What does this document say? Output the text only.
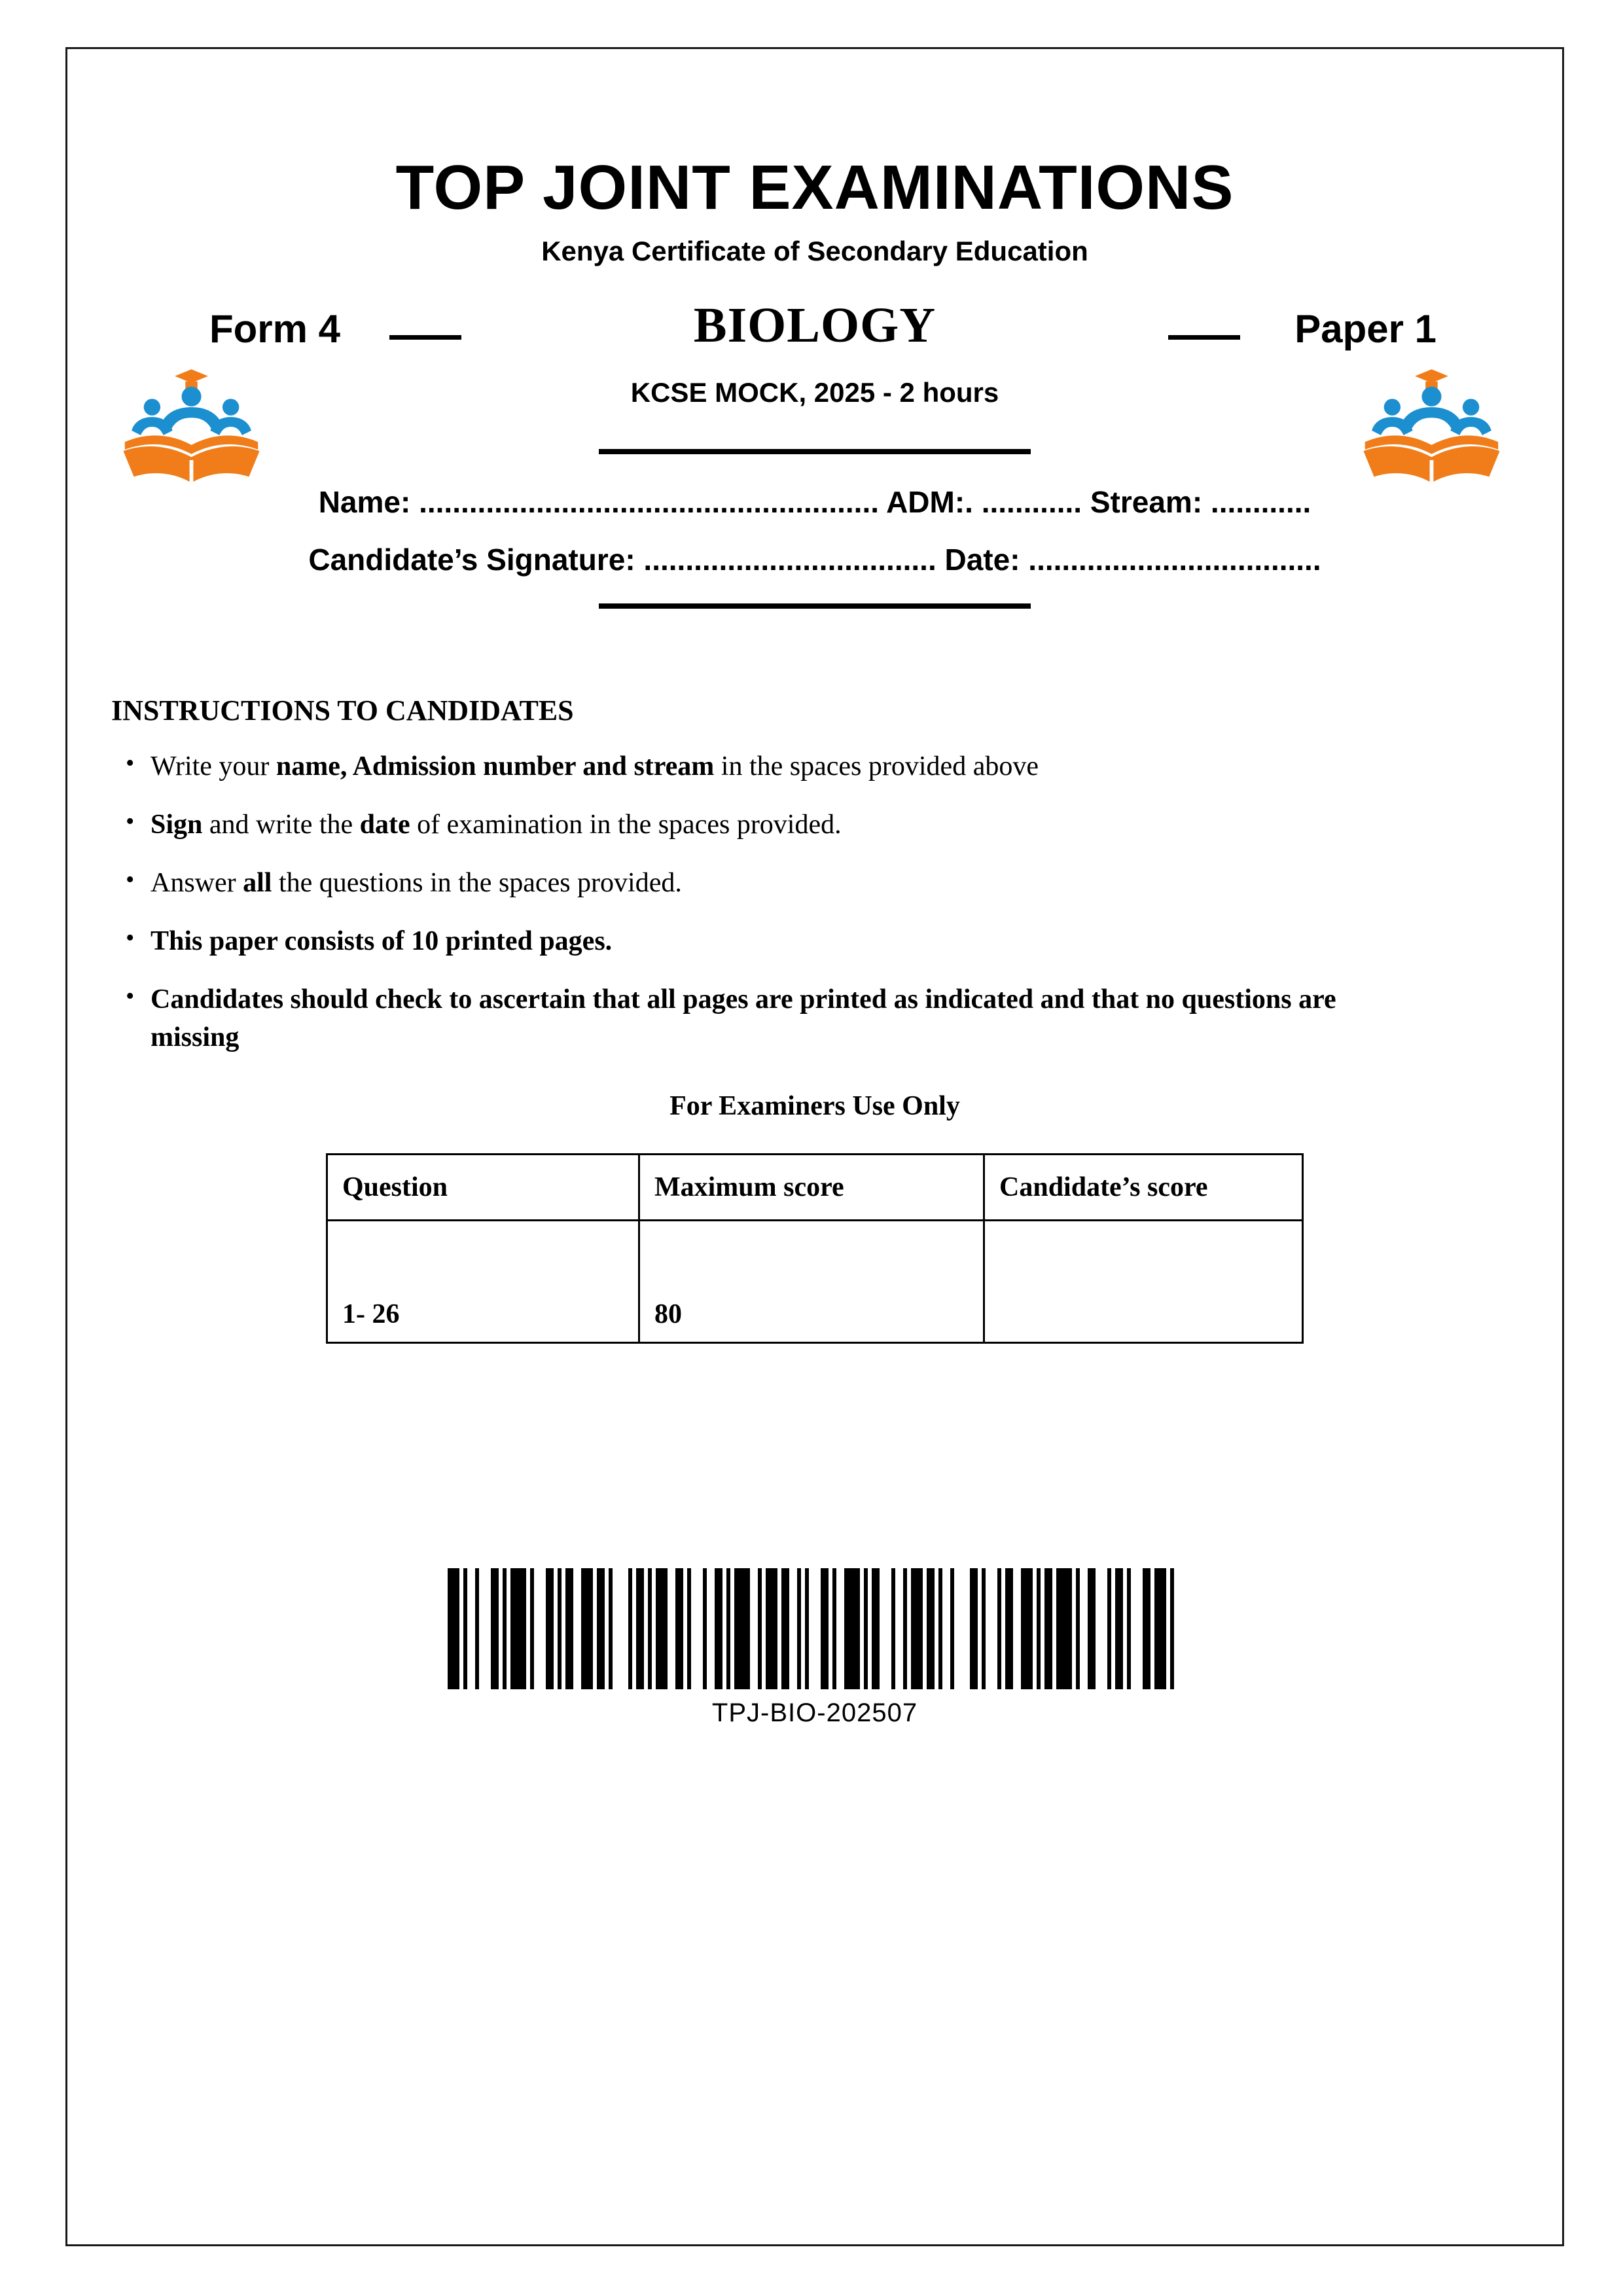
TOP JOINT EXAMINATIONS
Kenya Certificate of Secondary Education
Form 4	BIOLOGY	Paper 1
KCSE MOCK, 2025 - 2 hours
Name: ....................................................... ADM:. ............ Stream: ............
Candidate’s Signature: ................................... Date: ...................................
INSTRUCTIONS TO CANDIDATES
• Write your name, Admission number and stream in the spaces provided above
• Sign and write the date of examination in the spaces provided.
• Answer all the questions in the spaces provided.
• This paper consists of 10 printed pages.
• Candidates should check to ascertain that all pages are printed as indicated and that no questions are missing
For Examiners Use Only
Question	Maximum score	Candidate’s score
1- 26	80	
TPJ-BIO-202507
